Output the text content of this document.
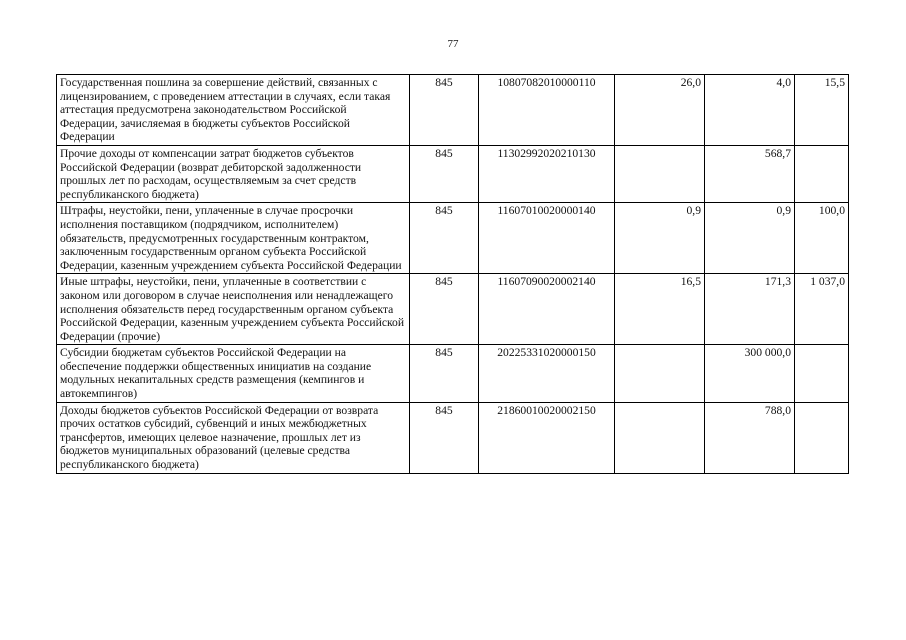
77
Государственная пошлина за совершение действий, связанных с лицензированием, с проведением аттестации в случаях, если такая аттестация предусмотрена законодательством Российской Федерации, зачисляемая в бюджеты субъектов Российской Федерации	845	10807082010000110	26,0	4,0	15,5
Прочие доходы от компенсации затрат бюджетов субъектов Российской Федерации (возврат дебиторской задолженности прошлых лет по расходам, осуществляемым за счет средств республиканского бюджета)	845	11302992020210130		568,7	
Штрафы, неустойки, пени, уплаченные в случае просрочки исполнения поставщиком (подрядчиком, исполнителем) обязательств, предусмотренных государственным контрактом, заключенным государственным органом субъекта Российской Федерации, казенным учреждением субъекта Российской Федерации	845	11607010020000140	0,9	0,9	100,0
Иные штрафы, неустойки, пени, уплаченные в соответствии с законом или договором в случае неисполнения или ненадлежащего исполнения обязательств перед государственным органом субъекта Российской Федерации, казенным учреждением субъекта Российской Федерации (прочие)	845	11607090020002140	16,5	171,3	1 037,0
Субсидии бюджетам субъектов Российской Федерации на обеспечение поддержки общественных инициатив на создание модульных некапитальных средств размещения (кемпингов и автокемпингов)	845	20225331020000150		300 000,0	
Доходы бюджетов субъектов Российской Федерации от возврата прочих остатков субсидий, субвенций и иных межбюджетных трансфертов, имеющих целевое назначение, прошлых лет из бюджетов муниципальных образований (целевые средства республиканского бюджета)	845	21860010020002150		788,0	
